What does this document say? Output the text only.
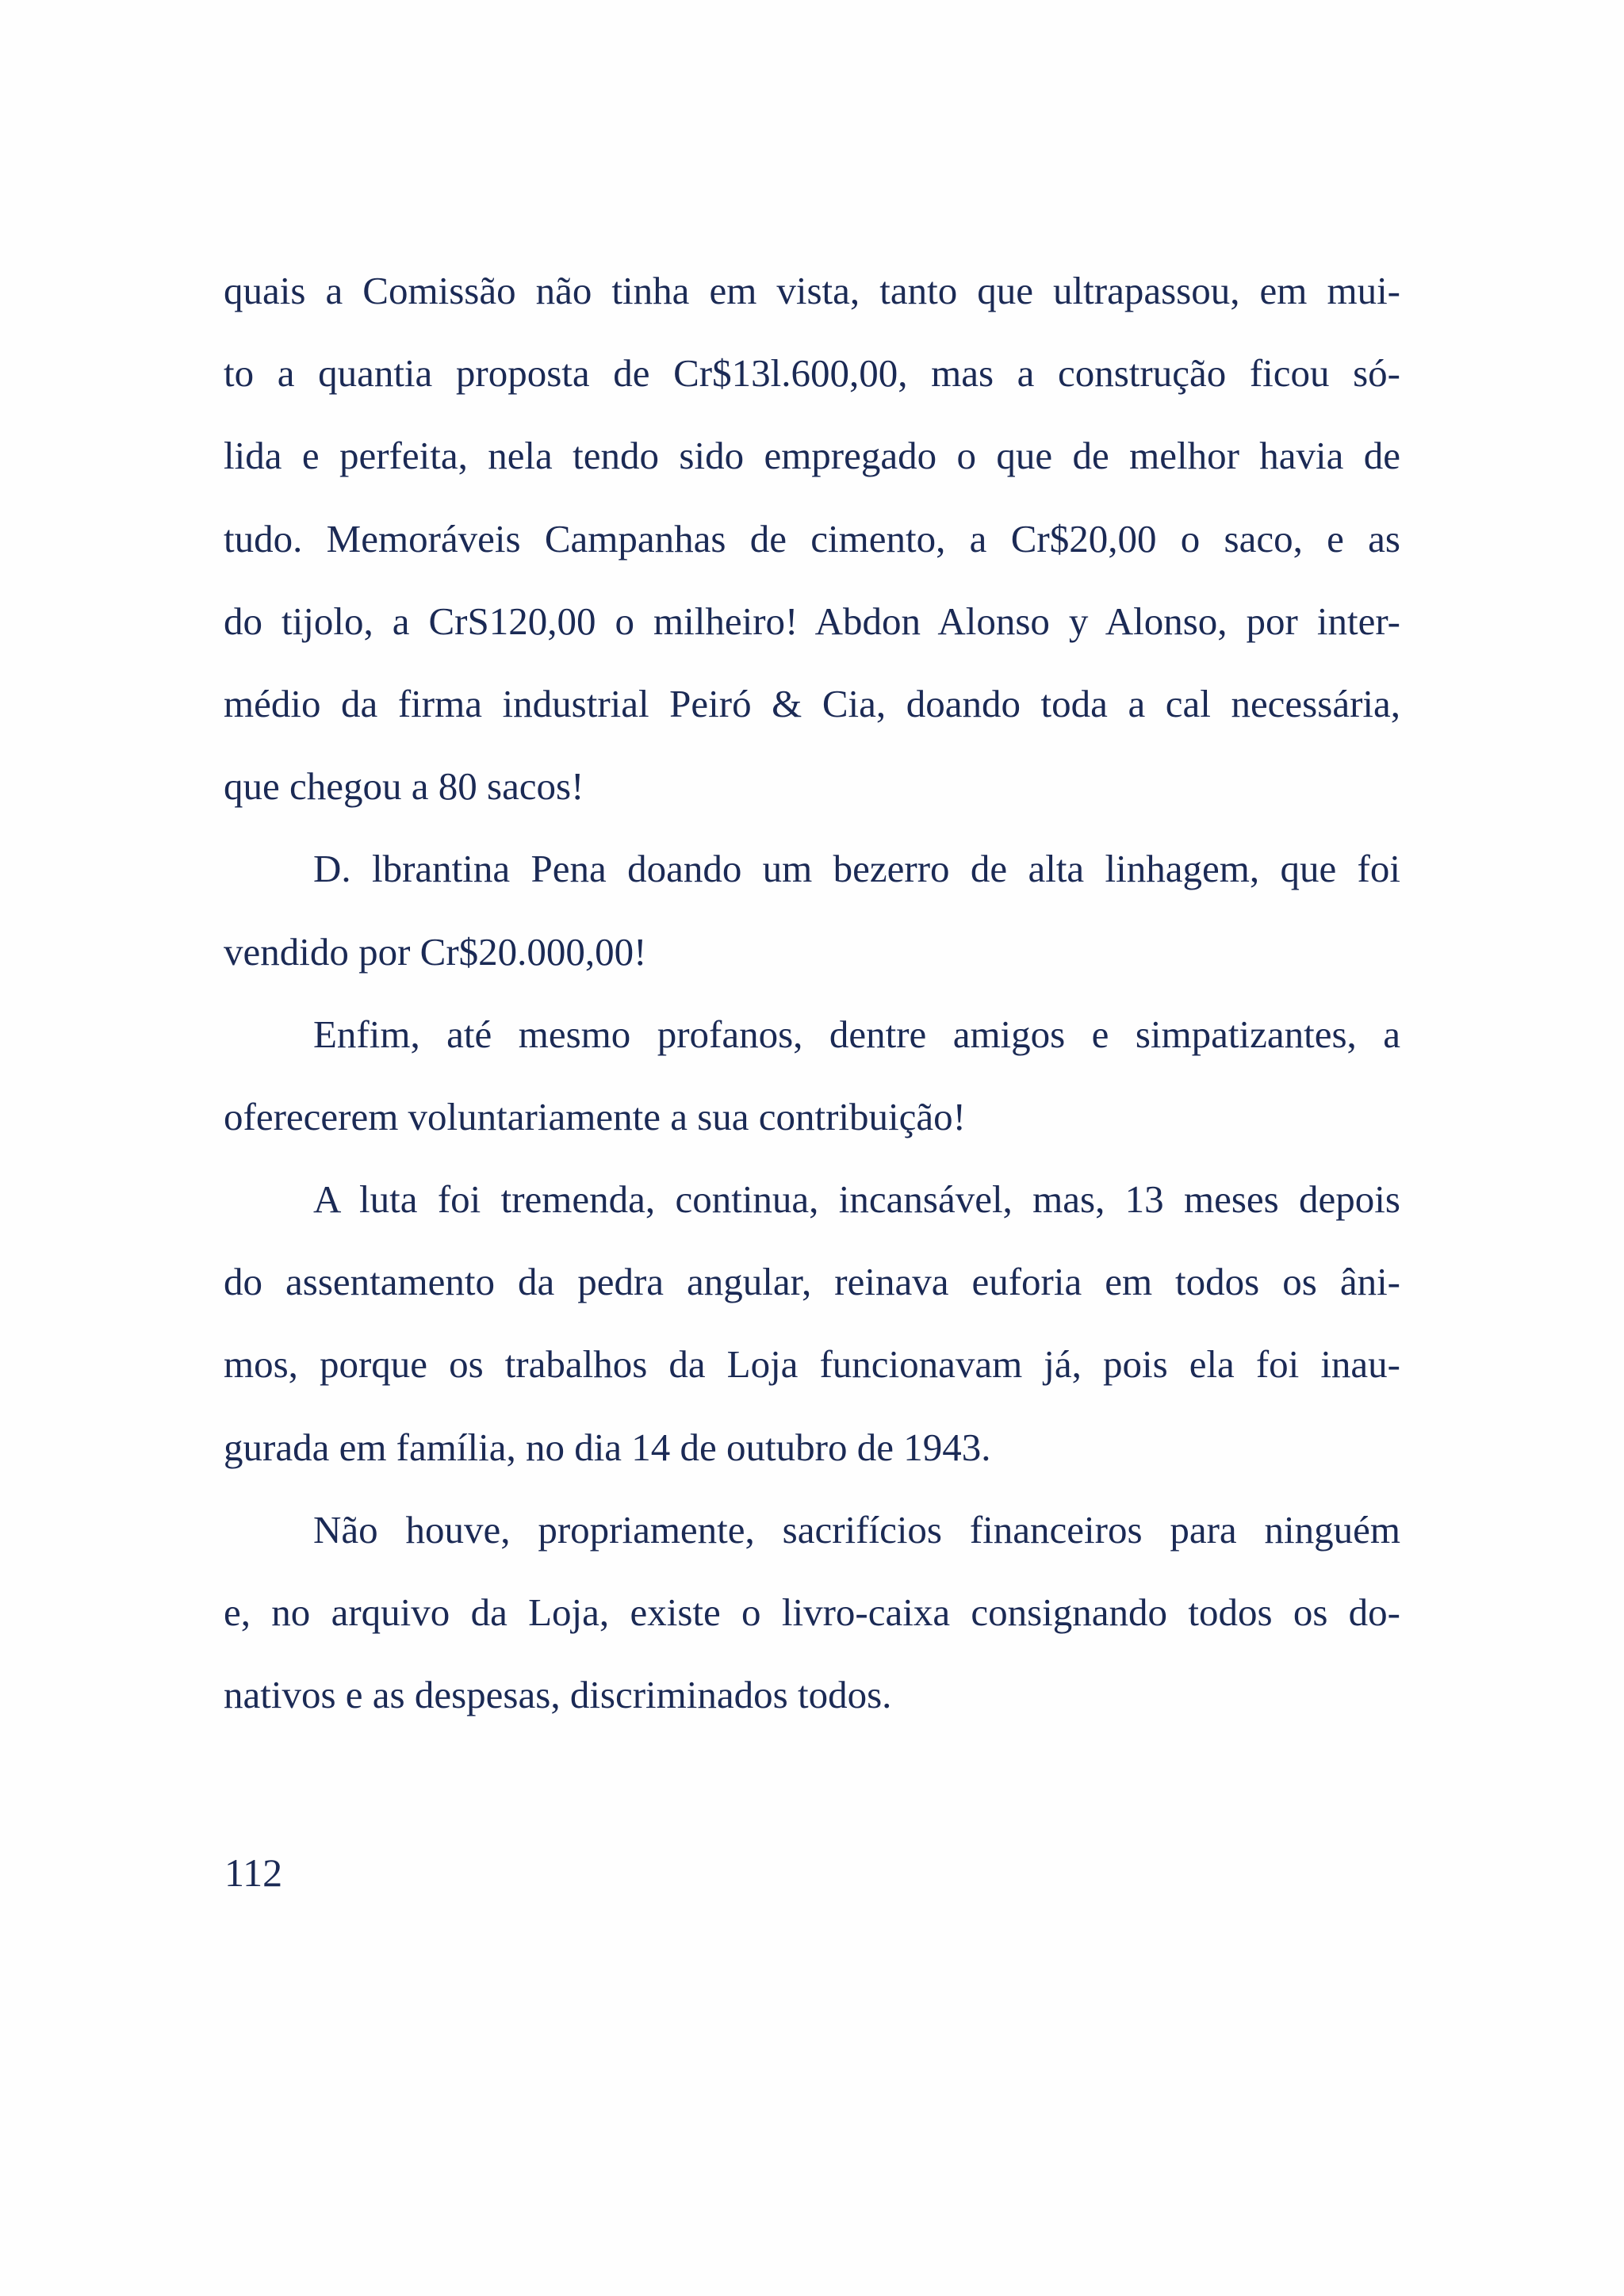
quais a Comissão não tinha em vista, tanto que ultrapassou, em mui-
to a quantia proposta de Cr$13l.600,00, mas a construção ficou só-
lida e perfeita, nela tendo sido empregado o que de melhor havia de
tudo. Memoráveis Campanhas de cimento, a Cr$20,00 o saco, e as
do tijolo, a CrS120,00 o milheiro! Abdon Alonso y Alonso, por inter-
médio da firma industrial Peiró & Cia, doando toda a cal necessária,
que chegou a 80 sacos!

D. lbrantina Pena doando um bezerro de alta linhagem, que foi
vendido por Cr$20.000,00!

Enfim, até mesmo profanos, dentre amigos e simpatizantes, a
oferecerem voluntariamente a sua contribuição!

A luta foi tremenda, continua, incansável, mas, 13 meses depois
do assentamento da pedra angular, reinava euforia em todos os âni-
mos, porque os trabalhos da Loja funcionavam já, pois ela foi inau-
gurada em família, no dia 14 de outubro de 1943.

Não houve, propriamente, sacrifícios financeiros para ninguém
e, no arquivo da Loja, existe o livro-caixa consignando todos os do-
nativos e as despesas, discriminados todos.

112
